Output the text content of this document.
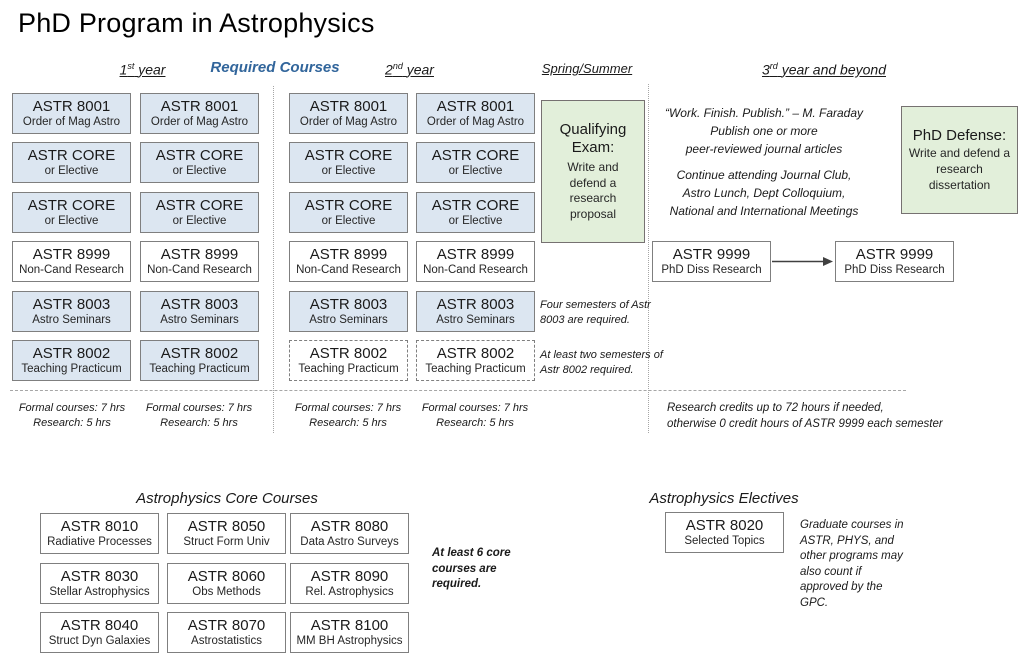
PhD Program in Astrophysics
1st year	Required Courses	2nd year	Spring/Summer	3rd year and beyond
ASTR 8001
Order of Mag Astro
ASTR CORE
or Elective
ASTR CORE
or Elective
ASTR 8999
Non-Cand Research
ASTR 8003
Astro Seminars
ASTR 8002
Teaching Practicum
ASTR 8001
Order of Mag Astro
ASTR CORE
or Elective
ASTR CORE
or Elective
ASTR 8999
Non-Cand Research
ASTR 8003
Astro Seminars
ASTR 8002
Teaching Practicum
ASTR 8001
Order of Mag Astro
ASTR CORE
or Elective
ASTR CORE
or Elective
ASTR 8999
Non-Cand Research
ASTR 8003
Astro Seminars
ASTR 8002
Teaching Practicum
ASTR 8001
Order of Mag Astro
ASTR CORE
or Elective
ASTR CORE
or Elective
ASTR 8999
Non-Cand Research
ASTR 8003
Astro Seminars
ASTR 8002
Teaching Practicum
Qualifying Exam:
Write and defend a research proposal
“Work. Finish. Publish.” – M. Faraday
Publish one or more
peer-reviewed journal articles
Continue attending Journal Club,
Astro Lunch, Dept Colloquium,
National and International Meetings
PhD Defense:
Write and defend a research dissertation
ASTR 9999
PhD Diss Research
ASTR 9999
PhD Diss Research
Four semesters of Astr 8003 are required.
At least two semesters of Astr 8002 required.
Formal courses: 7 hrs
Research: 5 hrs
Formal courses: 7 hrs
Research: 5 hrs
Formal courses: 7 hrs
Research: 5 hrs
Formal courses: 7 hrs
Research: 5 hrs
Research credits up to 72 hours if needed,
otherwise 0 credit hours of ASTR 9999 each semester
Astrophysics Core Courses
ASTR 8010
Radiative Processes
ASTR 8050
Struct Form Univ
ASTR 8080
Data Astro Surveys
ASTR 8030
Stellar Astrophysics
ASTR 8060
Obs Methods
ASTR 8090
Rel. Astrophysics
ASTR 8040
Struct Dyn Galaxies
ASTR 8070
Astrostatistics
ASTR 8100
MM BH Astrophysics
At least 6 core courses are required.
Astrophysics Electives
ASTR 8020
Selected Topics
Graduate courses in ASTR, PHYS, and other programs may also count if approved by the GPC.
